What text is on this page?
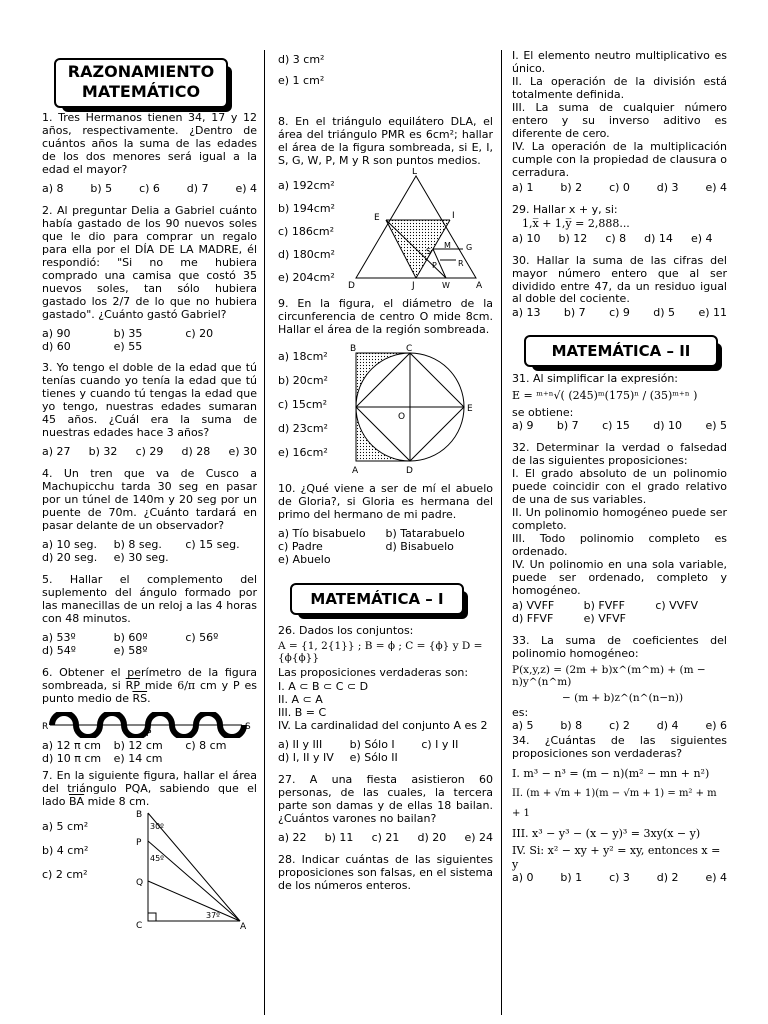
RAZONAMIENTO MATEMÁTICO

1. Tres Hermanos tienen 34, 17 y 12 años, respectivamente. ¿Dentro de cuántos años la suma de las edades de los dos menores será igual a la edad el mayor?

a) 8 b) 5 c) 6 d) 7 e) 4

2. Al preguntar Delia a Gabriel cuánto había gastado de los 90 nuevos soles que le dio para comprar un regalo para ella por el DÍA DE LA MADRE, él respondió: "Si no me hubiera comprado una camisa que costó 35 nuevos soles, tan sólo hubiera gastado los 2/7 de lo que no hubiera gastado". ¿Cuánto gastó Gabriel?

a) 90	b) 35	c) 20
d) 60	e) 55

3. Yo tengo el doble de la edad que tú tenías cuando yo tenía la edad que tú tienes y cuando tú tengas la edad que yo tengo, nuestras edades sumaran 45 años. ¿Cuál era la suma de nuestras edades hace 3 años?

a) 27 b) 32 c) 29 d) 28 e) 30

4. Un tren que va de Cusco a Machupicchu tarda 30 seg en pasar por un túnel de 140m y 20 seg por un puente de 70m. ¿Cuánto tardará en pasar delante de un observador?

a) 10 seg.	b) 8 seg.	c) 15 seg.
d) 20 seg.	e) 30 seg.

5. Hallar el complemento del suplemento del ángulo formado por las manecillas de un reloj a las 4 horas con 48 minutos.

a) 53º	b) 60º	c) 56º
d) 54º	e) 58º

6. Obtener el perímetro de la figura sombreada, si $\overline{RP}$ mide 6/π cm y P es punto medio de $\overline{RS}$.

R
P
S
a) 12 π cm	b) 12 cm	c) 8 cm
d) 10 π cm	e) 14 cm

7. En la siguiente figura, hallar el área del triángulo PQA, sabiendo que el lado $\overline{BA}$ mide 8 cm.

a) 5 cm²
b) 4 cm²
c) 2 cm²
B
P
Q
C	A
30º
45º
37º
d) 3 cm²
e) 1 cm²

8. En el triángulo equilátero DLA, el área del triángulo PMR es 6cm²; hallar el área de la figura sombreada, si E, I, S, G, W, P, M y R son puntos medios.

a) 192cm²
b) 194cm²
c) 186cm²
d) 180cm²
e) 204cm²
L
E	I
M G
S
P	R
D	J	W	A

9. En la figura, el diámetro de la circunferencia de centro O mide 8cm. Hallar el área de la región sombreada.

a) 18cm²
b) 20cm²
c) 15cm²
d) 23cm²
e) 16cm²
B	C
O
E
A	D

10. ¿Qué viene a ser de mí el abuelo de Gloria?, si Gloria es hermana del primo del hermano de mi padre.

a) Tío bisabuelo	b) Tatarabuelo
c) Padre	d) Bisabuelo
e) Abuelo
MATEMÁTICA – I

26. Dados los conjuntos:

A = {1, 2{1}} ; B = ϕ ; C = {ϕ} y D = {ϕ{ϕ}}

Las proposiciones verdaderas son:

I. A ⊂ B ⊂ C ⊂ D
II. A ⊂ A
III. B = C
IV. La cardinalidad del conjunto A es 2
a) II y III	b) Sólo I	c) I y II
d) I, II y IV	e) Sólo II

27. A una fiesta asistieron 60 personas, de las cuales, la tercera parte son damas y de ellas 18 bailan. ¿Cuántos varones no bailan?

a) 22 b) 11 c) 21 d) 20 e) 24

28. Indicar cuántas de las siguientes proposiciones son falsas, en el sistema de los números enteros.

I. El elemento neutro multiplicativo es único.

II. La operación de la división está totalmente definida.

III. La suma de cualquier número entero y su inverso aditivo es diferente de cero.

IV. La operación de la multiplicación cumple con la propiedad de clausura o cerradura.

a) 1 b) 2 c) 0 d) 3 e) 4

29. Hallar x + y, si:

1,x̅ + 1,y̅ = 2,888...
a) 10 b) 12 c) 8 d) 14 e) 4

30. Hallar la suma de las cifras del mayor número entero que al ser dividido entre 47, da un residuo igual al doble del cociente.

a) 13 b) 7 c) 9 d) 5 e) 11
MATEMÁTICA – II

31. Al simplificar la expresión:

E = ᵐ⁺ⁿ√( (245)ᵐ(175)ⁿ / (35)ᵐ⁺ⁿ )
se obtiene:
a) 9 b) 7 c) 15 d) 10 e) 5

32. Determinar la verdad o falsedad de las siguientes proposiciones:

I. El grado absoluto de un polinomio puede coincidir con el grado relativo de una de sus variables.

II. Un polinomio homogéneo puede ser completo.

III. Todo polinomio completo es ordenado.

IV. Un polinomio en una sola variable, puede ser ordenado, completo y homogéneo.

a) VVFF	b) FVFF	c) VVFV
d) FFVF	e) VFVF

33. La suma de coeficientes del polinomio homogéneo:

P(x,y,z) = (2m + b)x^(m^m) + (m − n)y^(n^m)
− (m + b)z^(n^(n−n))
es:
a) 5 b) 8 c) 2 d) 4 e) 6

34. ¿Cuántas de las siguientes proposiciones son verdaderas?

I. m³ − n³ = (m − n)(m² − mn + n²)
II. (m + √m + 1)(m − √m + 1) = m² + m + 1
III. x³ − y³ − (x − y)³ = 3xy(x − y)
IV. Si: x² − xy + y² = xy, entonces x = y
a) 0 b) 1 c) 3 d) 2 e) 4
